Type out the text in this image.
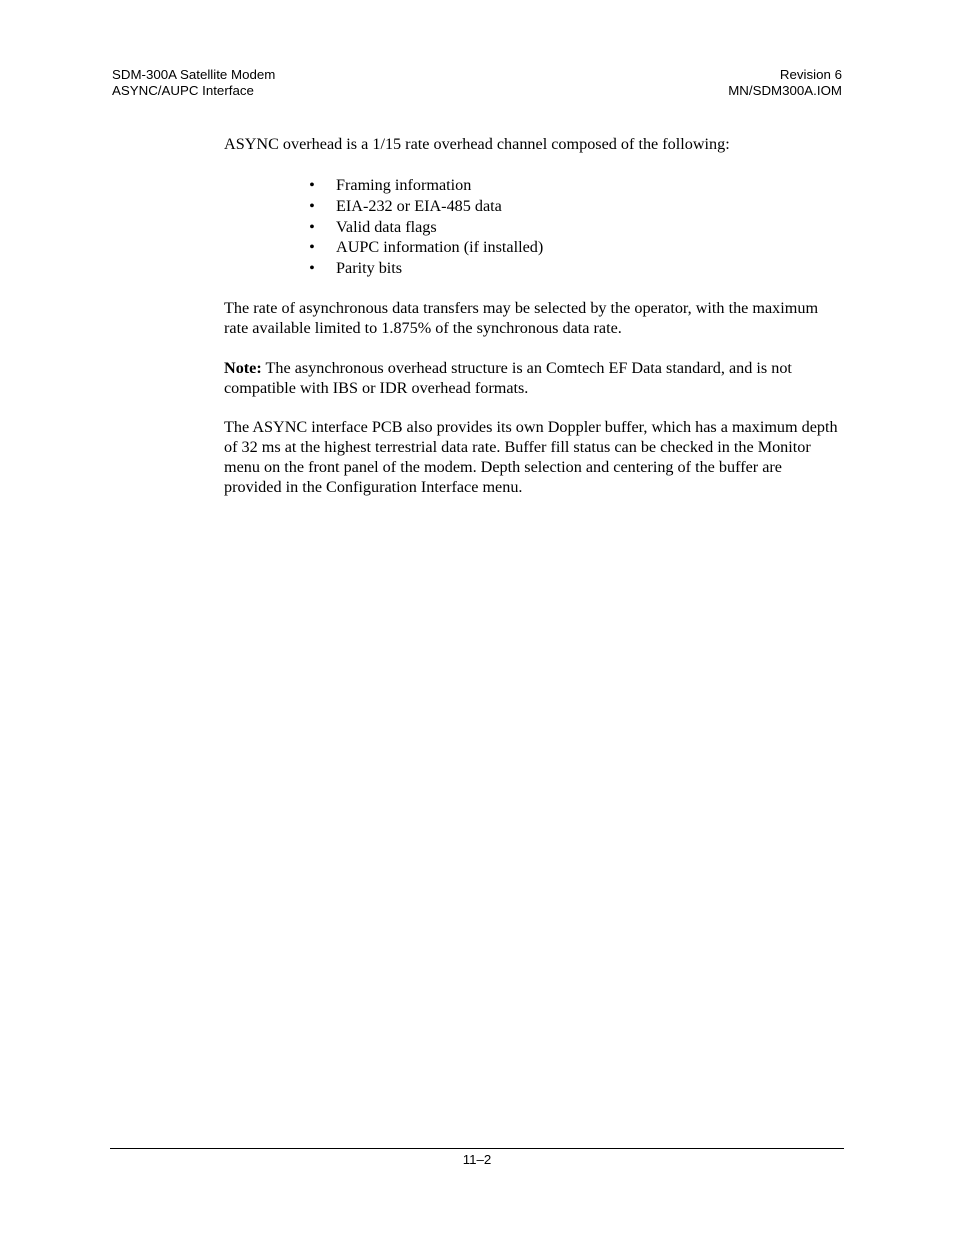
SDM-300A Satellite Modem
ASYNC/AUPC Interface
Revision 6
MN/SDM300A.IOM

ASYNC overhead is a 1/15 rate overhead channel composed of the following:

• Framing information
• EIA-232 or EIA-485 data
• Valid data flags
• AUPC information (if installed)
• Parity bits

The rate of asynchronous data transfers may be selected by the operator, with the maximum rate available limited to 1.875% of the synchronous data rate.

Note: The asynchronous overhead structure is an Comtech EF Data standard, and is not compatible with IBS or IDR overhead formats.

The ASYNC interface PCB also provides its own Doppler buffer, which has a maximum depth of 32 ms at the highest terrestrial data rate. Buffer fill status can be checked in the Monitor menu on the front panel of the modem. Depth selection and centering of the buffer are provided in the Configuration Interface menu.

11–2
